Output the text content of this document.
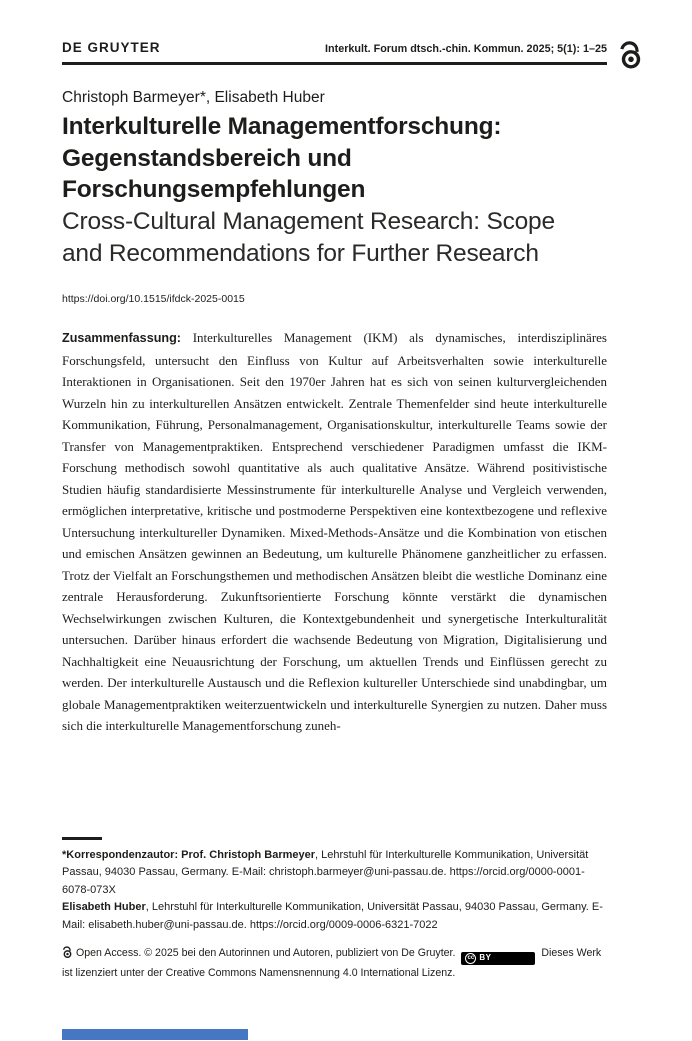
DE GRUYTER	Interkult. Forum dtsch.-chin. Kommun. 2025; 5(1): 1–25
Christoph Barmeyer*, Elisabeth Huber
Interkulturelle Managementforschung:
Gegenstandsbereich und
Forschungsempfehlungen
Cross-Cultural Management Research: Scope
and Recommendations for Further Research
https://doi.org/10.1515/ifdck-2025-0015
Zusammenfassung: Interkulturelles Management (IKM) als dynamisches, interdisziplinäres Forschungsfeld, untersucht den Einfluss von Kultur auf Arbeitsverhalten sowie interkulturelle Interaktionen in Organisationen. Seit den 1970er Jahren hat es sich von seinen kulturvergleichenden Wurzeln hin zu interkulturellen Ansätzen entwickelt. Zentrale Themenfelder sind heute interkulturelle Kommunikation, Führung, Personalmanagement, Organisationskultur, interkulturelle Teams sowie der Transfer von Managementpraktiken. Entsprechend verschiedener Paradigmen umfasst die IKM-Forschung methodisch sowohl quantitative als auch qualitative Ansätze. Während positivistische Studien häufig standardisierte Messinstrumente für interkulturelle Analyse und Vergleich verwenden, ermöglichen interpretative, kritische und postmoderne Perspektiven eine kontextbezogene und reflexive Untersuchung interkultureller Dynamiken. Mixed-Methods-Ansätze und die Kombination von etischen und emischen Ansätzen gewinnen an Bedeutung, um kulturelle Phänomene ganzheitlicher zu erfassen. Trotz der Vielfalt an Forschungsthemen und methodischen Ansätzen bleibt die westliche Dominanz eine zentrale Herausforderung. Zukunftsorientierte Forschung könnte verstärkt die dynamischen Wechselwirkungen zwischen Kulturen, die Kontextgebundenheit und synergetische Interkulturalität untersuchen. Darüber hinaus erfordert die wachsende Bedeutung von Migration, Digitalisierung und Nachhaltigkeit eine Neuausrichtung der Forschung, um aktuellen Trends und Einflüssen gerecht zu werden. Der interkulturelle Austausch und die Reflexion kultureller Unterschiede sind unabdingbar, um globale Managementpraktiken weiterzuentwickeln und interkulturelle Synergien zu nutzen. Daher muss sich die interkulturelle Managementforschung zuneh-

*Korrespondenzautor: Prof. Christoph Barmeyer, Lehrstuhl für Interkulturelle Kommunikation, Universität Passau, 94030 Passau, Germany. E-Mail: christoph.barmeyer@uni-passau.de. https://orcid.org/0000-0001-6078-073X

Elisabeth Huber, Lehrstuhl für Interkulturelle Kommunikation, Universität Passau, 94030 Passau, Germany. E-Mail: elisabeth.huber@uni-passau.de. https://orcid.org/0009-0006-6321-7022

Open Access. © 2025 bei den Autorinnen und Autoren, publiziert von De Gruyter.	cc BY	Dieses Werk ist lizenziert unter der Creative Commons Namensnennung 4.0 International Lizenz.
